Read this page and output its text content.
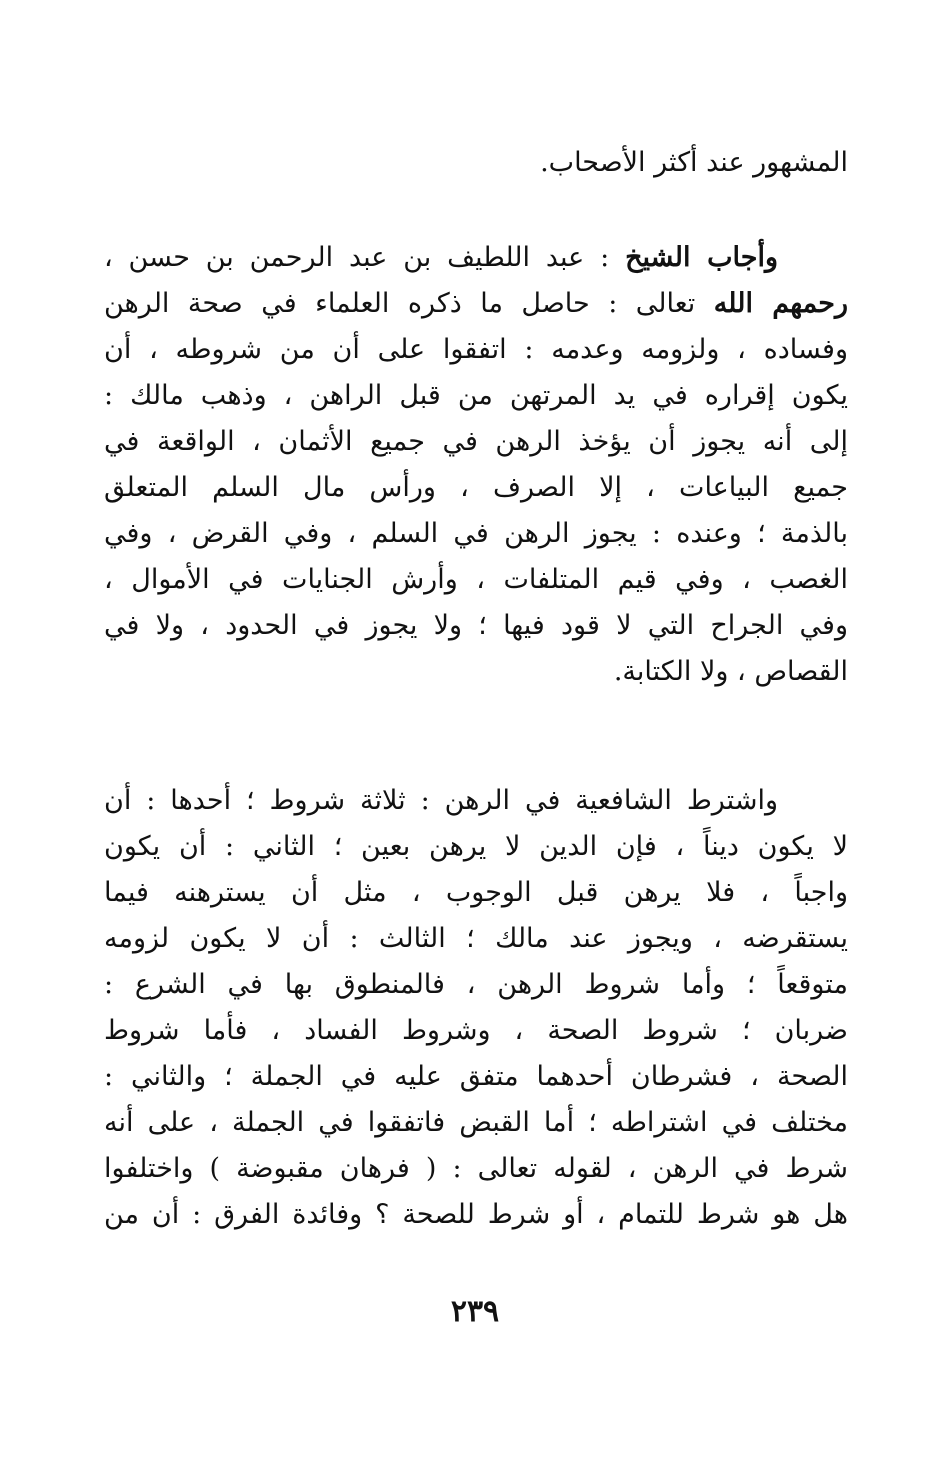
المشهور عند أكثر الأصحاب.
وأجاب الشيخ : عبد اللطيف بن عبد الرحمن بن حسن ،
رحمهم الله تعالى : حاصل ما ذكره العلماء في صحة الرهن
وفساده ، ولزومه وعدمه : اتفقوا على أن من شروطه ، أن
يكون إقراره في يد المرتهن من قبل الراهن ، وذهب مالك :
إلى أنه يجوز أن يؤخذ الرهن في جميع الأثمان ، الواقعة في
جميع البياعات ، إلا الصرف ، ورأس مال السلم المتعلق
بالذمة ؛ وعنده : يجوز الرهن في السلم ، وفي القرض ، وفي
الغصب ، وفي قيم المتلفات ، وأرش الجنايات في الأموال ،
وفي الجراح التي لا قود فيها ؛ ولا يجوز في الحدود ، ولا في
القصاص ، ولا الكتابة.
واشترط الشافعية في الرهن : ثلاثة شروط ؛ أحدها : أن
لا يكون ديناً ، فإن الدين لا يرهن بعين ؛ الثاني : أن يكون
واجباً ، فلا يرهن قبل الوجوب ، مثل أن يسترهنه فيما
يستقرضه ، ويجوز عند مالك ؛ الثالث : أن لا يكون لزومه
متوقعاً ؛ وأما شروط الرهن ، فالمنطوق بها في الشرع :
ضربان ؛ شروط الصحة ، وشروط الفساد ، فأما شروط
الصحة ، فشرطان أحدهما متفق عليه في الجملة ؛ والثاني :
مختلف في اشتراطه ؛ أما القبض فاتفقوا في الجملة ، على أنه
شرط في الرهن ، لقوله تعالى : ( فرهان مقبوضة ) واختلفوا
هل هو شرط للتمام ، أو شرط للصحة ؟ وفائدة الفرق : أن من
٢٣٩
